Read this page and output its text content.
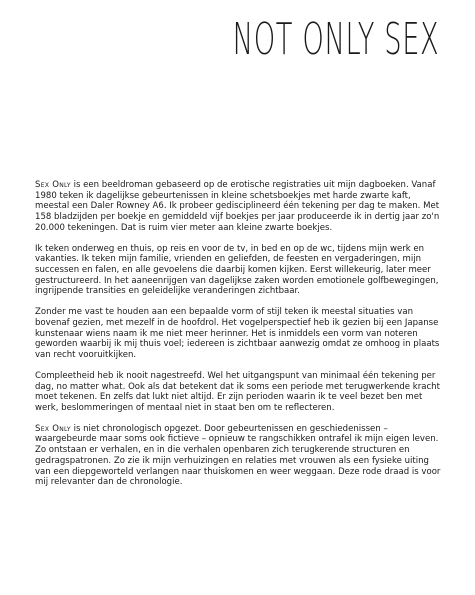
NOT ONLY SEX

Sex Only is een beeldroman gebaseerd op de erotische registraties uit mijn dagboeken. Vanaf 1980 teken ik dagelijkse gebeurtenissen in kleine schetsboekjes met harde zwarte kaft, meestal een Daler Rowney A6. Ik probeer gedisciplineerd één tekening per dag te maken. Met 158 bladzijden per boekje en gemiddeld vijf boekjes per jaar produceerde ik in dertig jaar zo'n 20.000 tekeningen. Dat is ruim vier meter aan kleine zwarte boekjes.

Ik teken onderweg en thuis, op reis en voor de tv, in bed en op de wc, tijdens mijn werk en vakanties. Ik teken mijn familie, vrienden en geliefden, de feesten en vergaderingen, mijn successen en falen, en alle gevoelens die daarbij komen kijken. Eerst willekeurig, later meer gestructureerd. In het aaneenrijgen van dagelijkse zaken worden emotionele golfbewegingen, ingrijpende transities en geleidelijke veranderingen zichtbaar.

Zonder me vast te houden aan een bepaalde vorm of stijl teken ik meestal situaties van bovenaf gezien, met mezelf in de hoofdrol. Het vogelperspectief heb ik gezien bij een Japanse kunstenaar wiens naam ik me niet meer herinner. Het is inmiddels een vorm van noteren geworden waarbij ik mij thuis voel; iedereen is zichtbaar aanwezig omdat ze omhoog in plaats van recht vooruitkijken.

Compleetheid heb ik nooit nagestreefd. Wel het uitgangspunt van minimaal één tekening per dag, no matter what. Ook als dat betekent dat ik soms een periode met terugwerkende kracht moet tekenen. En zelfs dat lukt niet altijd. Er zijn perioden waarin ik te veel bezet ben met werk, beslommeringen of mentaal niet in staat ben om te reflecteren.

Sex Only is niet chronologisch opgezet. Door gebeurtenissen en geschiedenissen – waargebeurde maar soms ook fictieve – opnieuw te rangschikken ontrafel ik mijn eigen leven. Zo ontstaan er verhalen, en in die verhalen openbaren zich terugkerende structuren en gedragspatronen. Zo zie ik mijn verhuizingen en relaties met vrouwen als een fysieke uiting van een diepgeworteld verlangen naar thuiskomen en weer weggaan. Deze rode draad is voor mij relevanter dan de chronologie.
